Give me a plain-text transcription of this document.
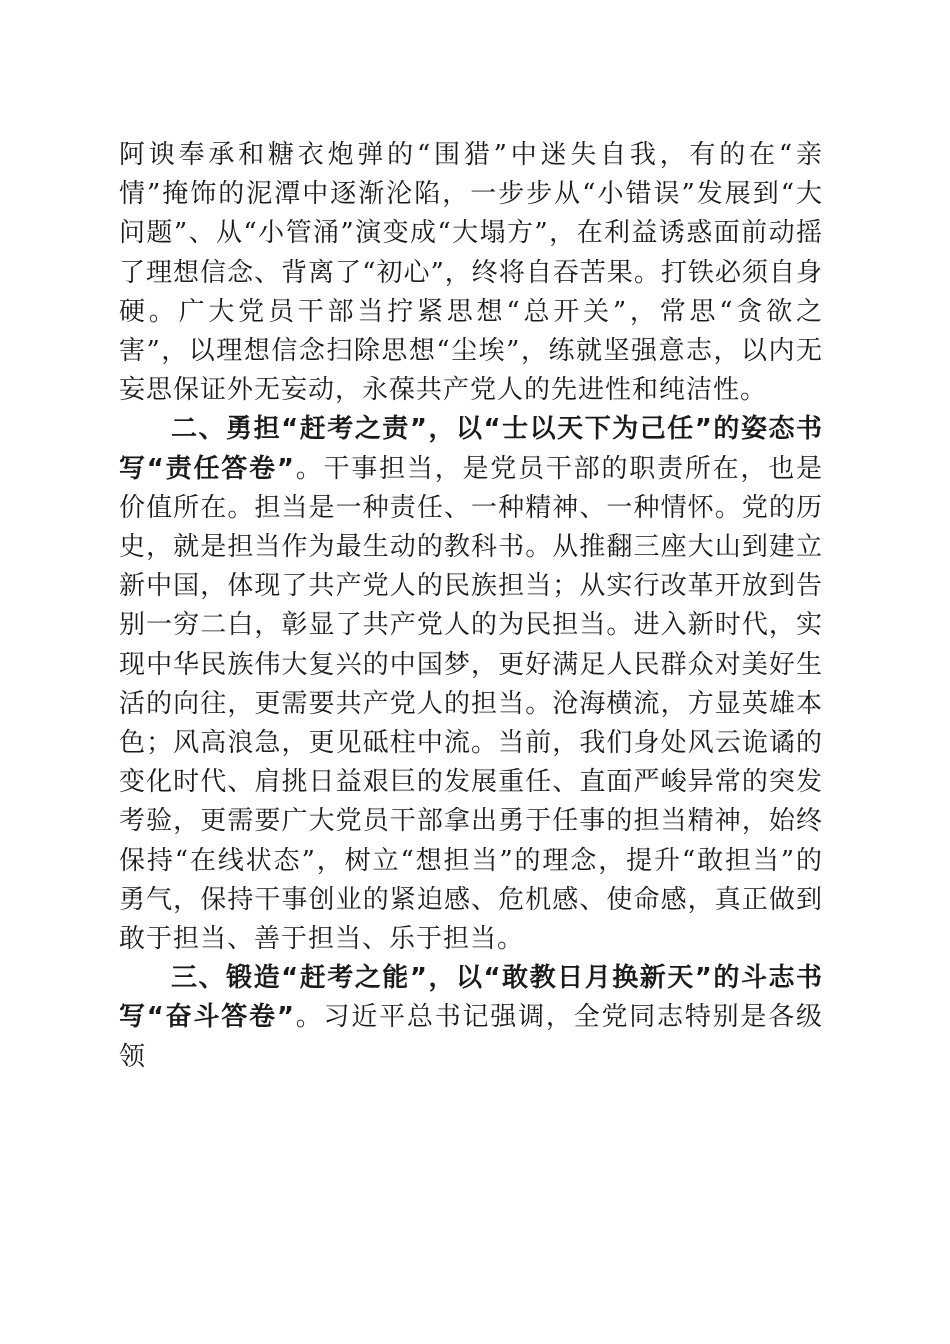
阿谀奉承和糖衣炮弹的“围猎”中迷失自我，有的在“亲情”掩饰的泥潭中逐渐沦陷，一步步从“小错误”发展到“大问题”、从“小管涌”演变成“大塌方”，在利益诱惑面前动摇了理想信念、背离了“初心”，终将自吞苦果。打铁必须自身硬。广大党员干部当拧紧思想“总开关”，常思“贪欲之害”，以理想信念扫除思想“尘埃”，练就坚强意志，以内无妄思保证外无妄动，永葆共产党人的先进性和纯洁性。

二、勇担“赶考之责”，以“士以天下为己任”的姿态书写“责任答卷”。干事担当，是党员干部的职责所在，也是价值所在。担当是一种责任、一种精神、一种情怀。党的历史，就是担当作为最生动的教科书。从推翻三座大山到建立新中国，体现了共产党人的民族担当；从实行改革开放到告别一穷二白，彰显了共产党人的为民担当。进入新时代，实现中华民族伟大复兴的中国梦，更好满足人民群众对美好生活的向往，更需要共产党人的担当。沧海横流，方显英雄本色；风高浪急，更见砥柱中流。当前，我们身处风云诡谲的变化时代、肩挑日益艰巨的发展重任、直面严峻异常的突发考验，更需要广大党员干部拿出勇于任事的担当精神，始终保持“在线状态”，树立“想担当”的理念，提升“敢担当”的勇气，保持干事创业的紧迫感、危机感、使命感，真正做到敢于担当、善于担当、乐于担当。

三、锻造“赶考之能”，以“敢教日月换新天”的斗志书写“奋斗答卷”。习近平总书记强调，全党同志特别是各级领
